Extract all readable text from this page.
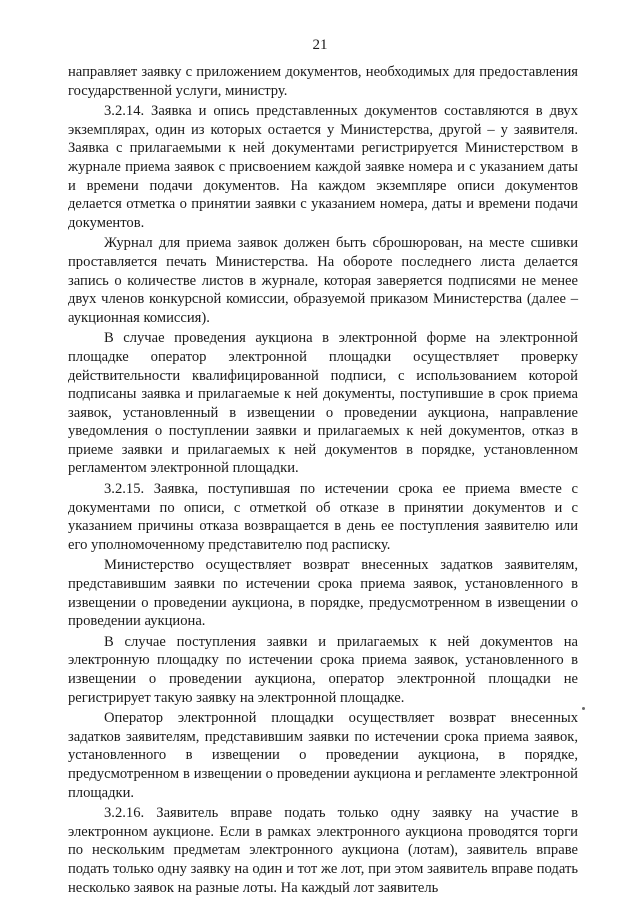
21

направляет заявку с приложением документов, необходимых для предоставления государственной услуги, министру.

3.2.14. Заявка и опись представленных документов составляются в двух экземплярах, один из которых остается у Министерства, другой – у заявителя. Заявка с прилагаемыми к ней документами регистрируется Министерством в журнале приема заявок с присвоением каждой заявке номера и с указанием даты и времени подачи документов. На каждом экземпляре описи документов делается отметка о принятии заявки с указанием номера, даты и времени подачи документов.

Журнал для приема заявок должен быть сброшюрован, на месте сшивки проставляется печать Министерства. На обороте последнего листа делается запись о количестве листов в журнале, которая заверяется подписями не менее двух членов конкурсной комиссии, образуемой приказом Министерства (далее – аукционная комиссия).

В случае проведения аукциона в электронной форме на электронной площадке оператор электронной площадки осуществляет проверку действительности квалифицированной подписи, с использованием которой подписаны заявка и прилагаемые к ней документы, поступившие в срок приема заявок, установленный в извещении о проведении аукциона, направление уведомления о поступлении заявки и прилагаемых к ней документов, отказ в приеме заявки и прилагаемых к ней документов в порядке, установленном регламентом электронной площадки.

3.2.15. Заявка, поступившая по истечении срока ее приема вместе с документами по описи, с отметкой об отказе в принятии документов и с указанием причины отказа возвращается в день ее поступления заявителю или его уполномоченному представителю под расписку.

Министерство осуществляет возврат внесенных задатков заявителям, представившим заявки по истечении срока приема заявок, установленного в извещении о проведении аукциона, в порядке, предусмотренном в извещении о проведении аукциона.

В случае поступления заявки и прилагаемых к ней документов на электронную площадку по истечении срока приема заявок, установленного в извещении о проведении аукциона, оператор электронной площадки не регистрирует такую заявку на электронной площадке.

Оператор электронной площадки осуществляет возврат внесенных задатков заявителям, представившим заявки по истечении срока приема заявок, установленного в извещении о проведении аукциона, в порядке, предусмотренном в извещении о проведении аукциона и регламенте электронной площадки.

3.2.16. Заявитель вправе подать только одну заявку на участие в электронном аукционе. Если в рамках электронного аукциона проводятся торги по нескольким предметам электронного аукциона (лотам), заявитель вправе подать только одну заявку на один и тот же лот, при этом заявитель вправе подать несколько заявок на разные лоты. На каждый лот заявитель
